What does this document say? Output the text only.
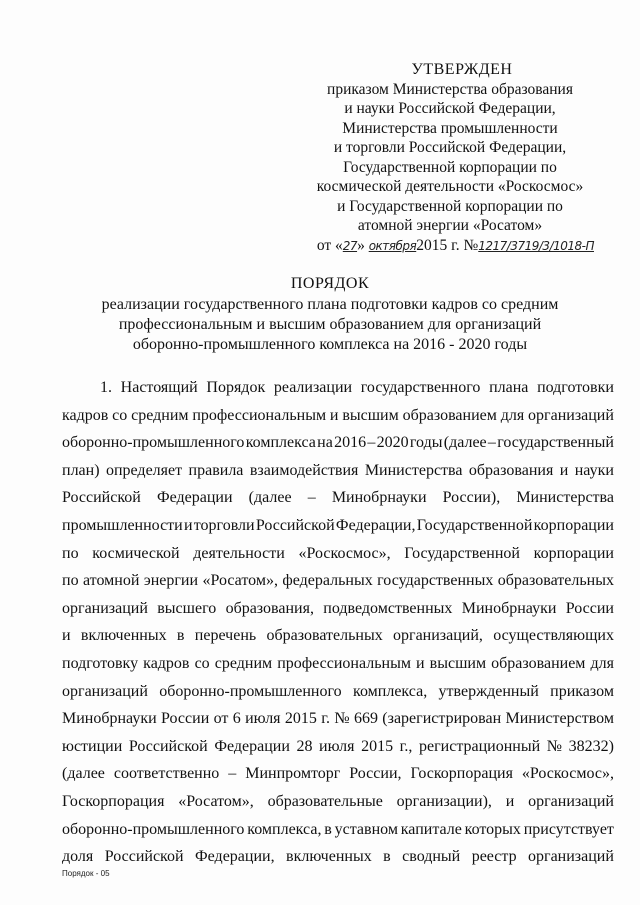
УТВЕРЖДЕН
приказом Министерства образования
и науки Российской Федерации,
Министерства промышленности
и торговли Российской Федерации,
Государственной корпорации по
космической деятельности «Роскосмос»
и Государственной корпорации по
атомной энергии «Росатом»
от «27» октября2015 г. №1217/3719/3/1018-П
ПОРЯДОК
реализации государственного плана подготовки кадров со средним
профессиональным и высшим образованием для организаций
оборонно-промышленного комплекса на 2016 - 2020 годы
1. Настоящий Порядок реализации государственного плана подготовки
кадров со средним профессиональным и высшим образованием для организаций
оборонно-промышленного комплекса на 2016 – 2020 годы (далее – государственный
план) определяет правила взаимодействия Министерства образования и науки
Российской Федерации (далее – Минобрнауки России), Министерства
промышленности и торговли Российской Федерации, Государственной корпорации
по космической деятельности «Роскосмос», Государственной корпорации
по атомной энергии «Росатом», федеральных государственных образовательных
организаций высшего образования, подведомственных Минобрнауки России
и включенных в перечень образовательных организаций, осуществляющих
подготовку кадров со средним профессиональным и высшим образованием для
организаций оборонно-промышленного комплекса, утвержденный приказом
Минобрнауки России от 6 июля 2015 г. № 669 (зарегистрирован Министерством
юстиции Российской Федерации 28 июля 2015 г., регистрационный № 38232)
(далее соответственно – Минпромторг России, Госкорпорация «Роскосмос»,
Госкорпорация «Росатом», образовательные организации), и организаций
оборонно-промышленного комплекса, в уставном капитале которых присутствует
доля Российской Федерации, включенных в сводный реестр организаций
Порядок - 05
